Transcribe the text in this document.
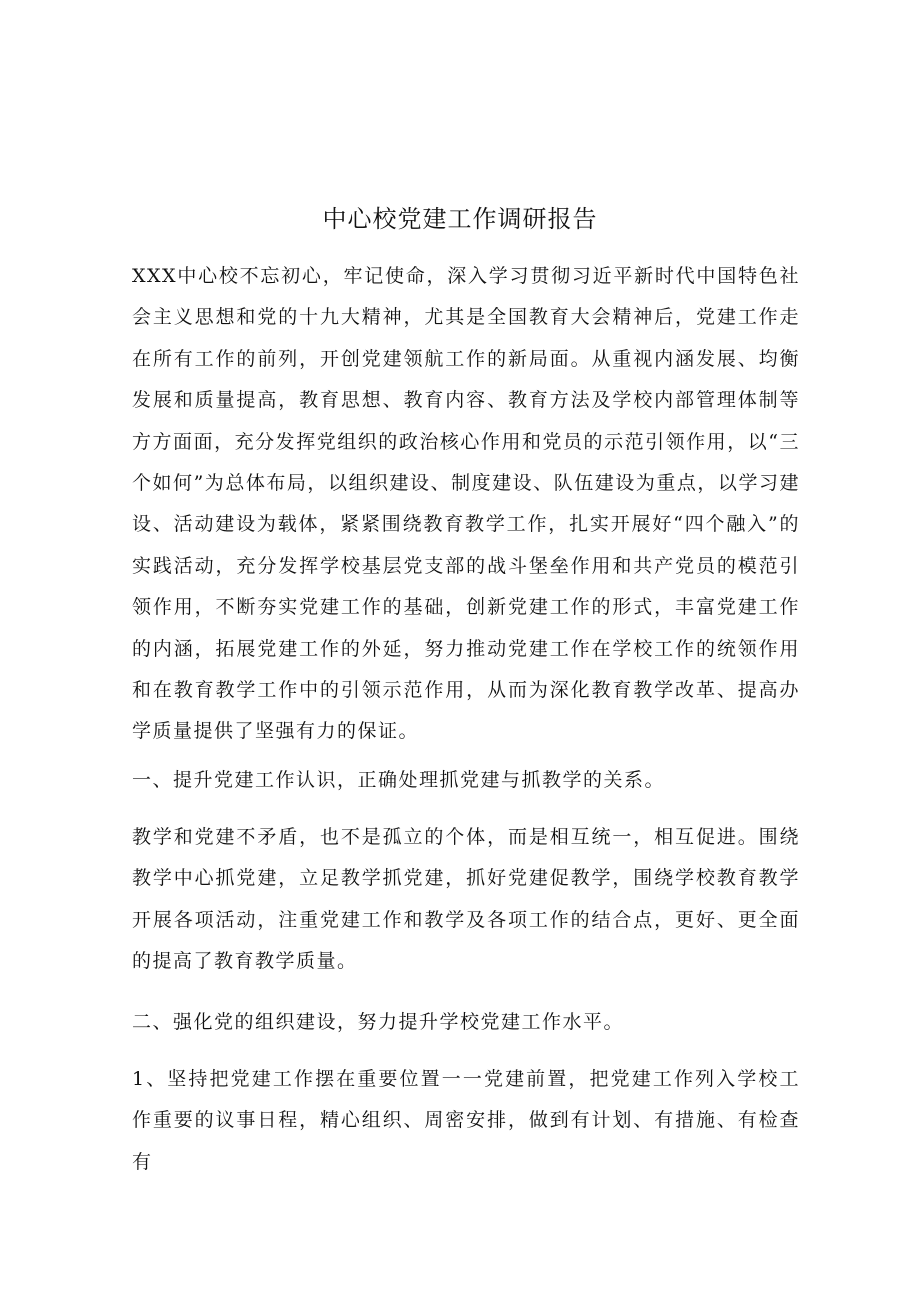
中心校党建工作调研报告

XXX中心校不忘初心，牢记使命，深入学习贯彻习近平新时代中国特色社会主义思想和党的十九大精神，尤其是全国教育大会精神后，党建工作走在所有工作的前列，开创党建领航工作的新局面。从重视内涵发展、均衡发展和质量提高，教育思想、教育内容、教育方法及学校内部管理体制等方方面面，充分发挥党组织的政治核心作用和党员的示范引领作用，以“三个如何”为总体布局，以组织建设、制度建设、队伍建设为重点，以学习建设、活动建设为载体，紧紧围绕教育教学工作，扎实开展好“四个融入”的实践活动，充分发挥学校基层党支部的战斗堡垒作用和共产党员的模范引领作用，不断夯实党建工作的基础，创新党建工作的形式，丰富党建工作的内涵，拓展党建工作的外延，努力推动党建工作在学校工作的统领作用和在教育教学工作中的引领示范作用，从而为深化教育教学改革、提高办学质量提供了坚强有力的保证。

一、提升党建工作认识，正确处理抓党建与抓教学的关系。

教学和党建不矛盾，也不是孤立的个体，而是相互统一，相互促进。围绕教学中心抓党建，立足教学抓党建，抓好党建促教学，围绕学校教育教学开展各项活动，注重党建工作和教学及各项工作的结合点，更好、更全面的提高了教育教学质量。

二、强化党的组织建设，努力提升学校党建工作水平。

1、坚持把党建工作摆在重要位置一一党建前置，把党建工作列入学校工作重要的议事日程，精心组织、周密安排，做到有计划、有措施、有检查有
